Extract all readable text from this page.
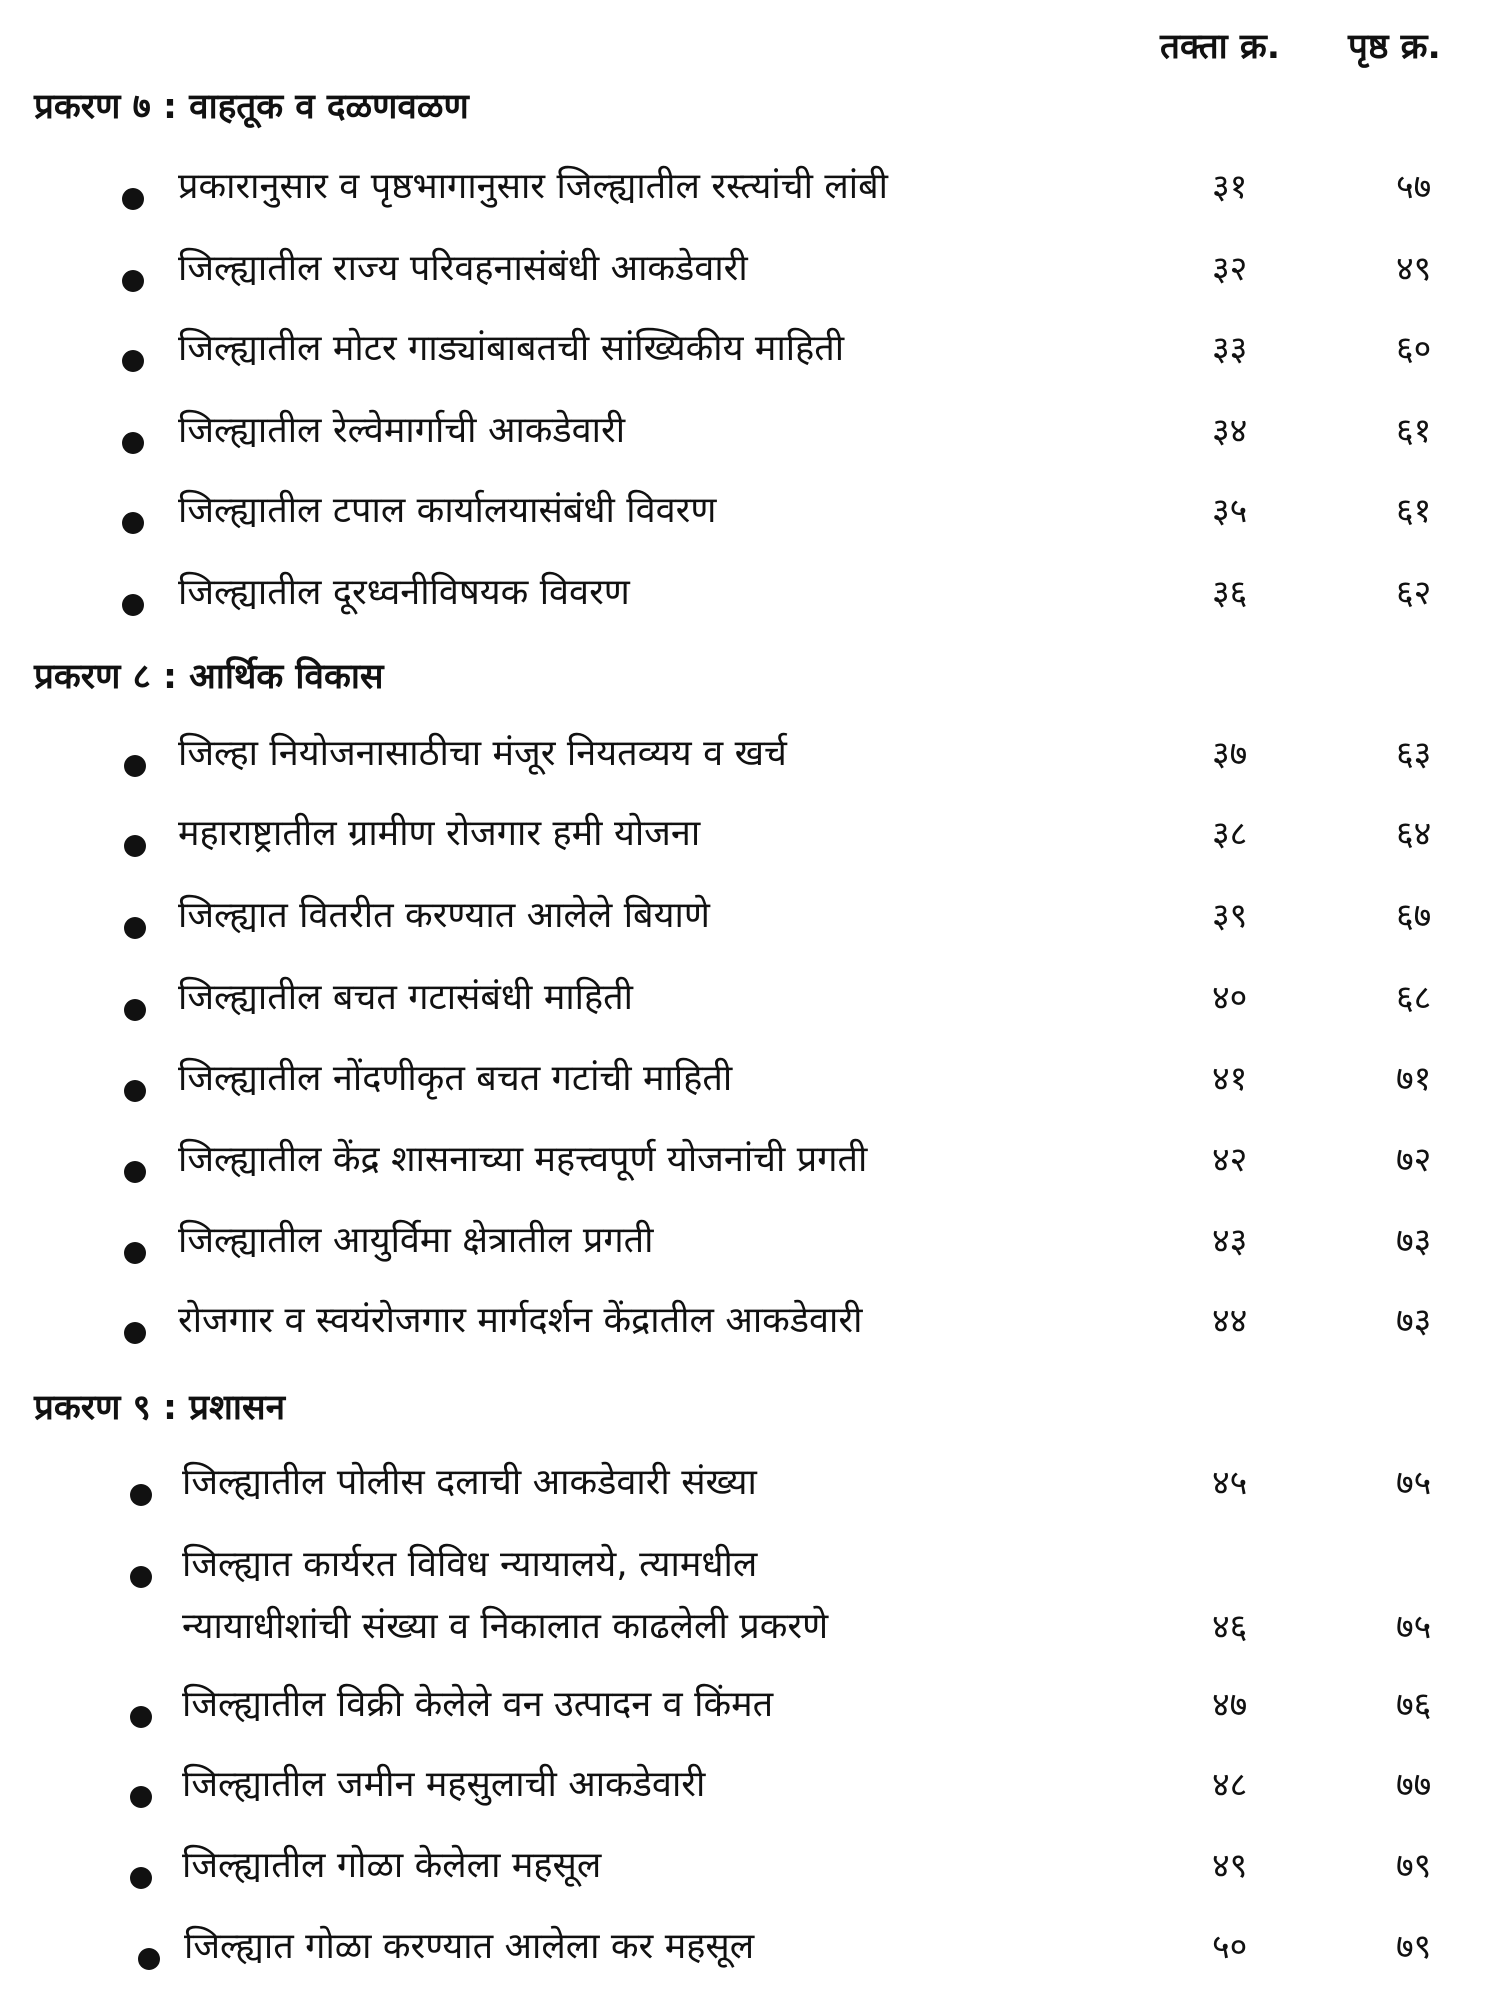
तक्ता क्र. पृष्ठ क्र.
प्रकरण ७ : वाहतूक व दळणवळण
प्रकारानुसार व पृष्ठभागानुसार जिल्ह्यातील रस्त्यांची लांबी	३१	५७
जिल्ह्यातील राज्य परिवहनासंबंधी आकडेवारी	३२	४९
जिल्ह्यातील मोटर गाड्यांबाबतची सांख्यिकीय माहिती	३३	६०
जिल्ह्यातील रेल्वेमार्गाची आकडेवारी	३४	६१
जिल्ह्यातील टपाल कार्यालयासंबंधी विवरण	३५	६१
जिल्ह्यातील दूरध्वनीविषयक विवरण	३६	६२
प्रकरण ८ : आर्थिक विकास
जिल्हा नियोजनासाठीचा मंजूर नियतव्यय व खर्च	३७	६३
महाराष्ट्रातील ग्रामीण रोजगार हमी योजना	३८	६४
जिल्ह्यात वितरीत करण्यात आलेले बियाणे	३९	६७
जिल्ह्यातील बचत गटासंबंधी माहिती	४०	६८
जिल्ह्यातील नोंदणीकृत बचत गटांची माहिती	४१	७१
जिल्ह्यातील केंद्र शासनाच्या महत्त्वपूर्ण योजनांची प्रगती	४२	७२
जिल्ह्यातील आयुर्विमा क्षेत्रातील प्रगती	४३	७३
रोजगार व स्वयंरोजगार मार्गदर्शन केंद्रातील आकडेवारी	४४	७३
प्रकरण ९ : प्रशासन
जिल्ह्यातील पोलीस दलाची आकडेवारी संख्या	४५	७५
जिल्ह्यात कार्यरत विविध न्यायालये, त्यामधील
न्यायाधीशांची संख्या व निकालात काढलेली प्रकरणे	४६	७५
जिल्ह्यातील विक्री केलेले वन उत्पादन व किंमत	४७	७६
जिल्ह्यातील जमीन महसुलाची आकडेवारी	४८	७७
जिल्ह्यातील गोळा केलेला महसूल	४९	७९
जिल्ह्यात गोळा करण्यात आलेला कर महसूल	५०	७९
